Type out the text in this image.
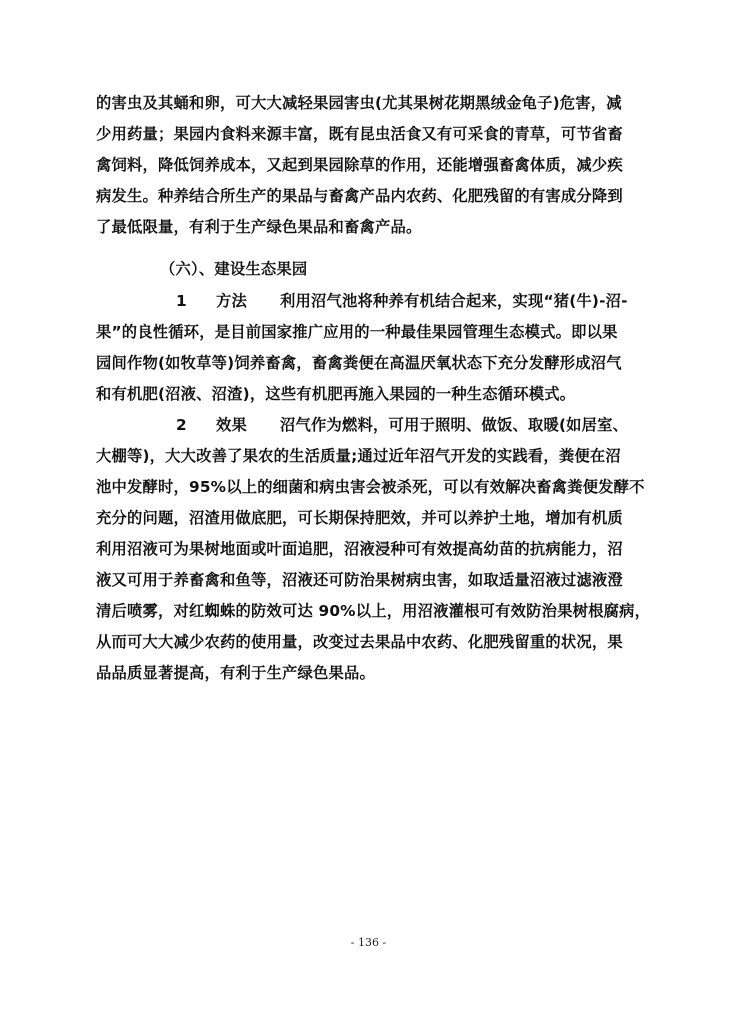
的害虫及其蛹和卵，可大大减轻果园害虫(尤其果树花期黑绒金龟子)危害，减
少用药量；果园内食料来源丰富，既有昆虫活食又有可采食的青草，可节省畜
禽饲料，降低饲养成本，又起到果园除草的作用，还能增强畜禽体质，减少疾
病发生。种养结合所生产的果品与畜禽产品内农药、化肥残留的有害成分降到
了最低限量，有利于生产绿色果品和畜禽产品。
（六）、建设生态果园
1 方法 利用沼气池将种养有机结合起来，实现“猪(牛)-沼-
果”的良性循环，是目前国家推广应用的一种最佳果园管理生态模式。即以果
园间作物(如牧草等)饲养畜禽，畜禽粪便在高温厌氧状态下充分发酵形成沼气
和有机肥(沼液、沼渣)，这些有机肥再施入果园的一种生态循环模式。
2 效果 沼气作为燃料，可用于照明、做饭、取暖(如居室、
大棚等)，大大改善了果农的生活质量;通过近年沼气开发的实践看，粪便在沼
池中发酵时，95%以上的细菌和病虫害会被杀死，可以有效解决畜禽粪便发酵不
充分的问题，沼渣用做底肥，可长期保持肥效，并可以养护土地，增加有机质
利用沼液可为果树地面或叶面追肥，沼液浸种可有效提高幼苗的抗病能力，沼
液又可用于养畜禽和鱼等，沼液还可防治果树病虫害，如取适量沼液过滤液澄
清后喷雾，对红蜘蛛的防效可达 90%以上，用沼液灌根可有效防治果树根腐病，
从而可大大减少农药的使用量，改变过去果品中农药、化肥残留重的状况，果
品品质显著提高，有利于生产绿色果品。
- 136 -
